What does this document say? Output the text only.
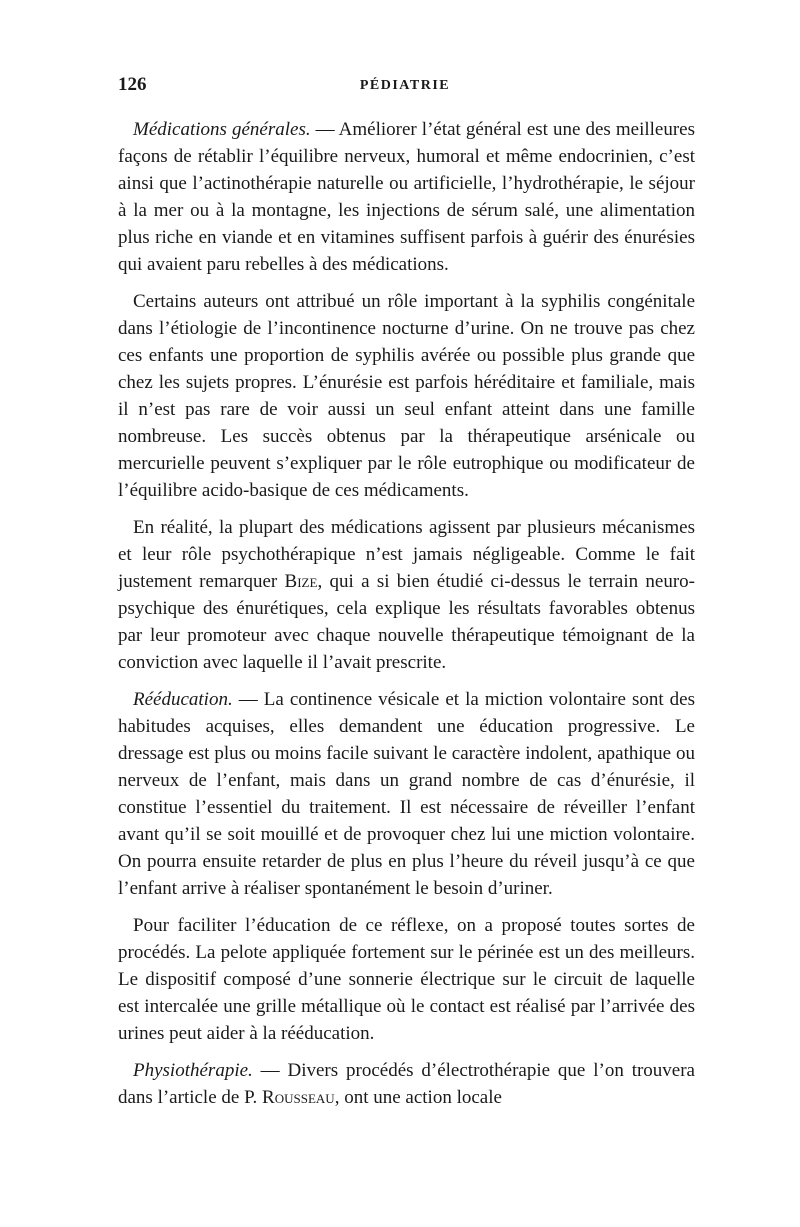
126	PÉDIATRIE

Médications générales. — Améliorer l’état général est une des meilleures façons de rétablir l’équilibre nerveux, humoral et même endocrinien, c’est ainsi que l’actinothérapie naturelle ou artificielle, l’hydrothérapie, le séjour à la mer ou à la montagne, les injections de sérum salé, une alimentation plus riche en viande et en vitamines suffisent parfois à guérir des énurésies qui avaient paru rebelles à des médications.

Certains auteurs ont attribué un rôle important à la syphilis congénitale dans l’étiologie de l’incontinence nocturne d’urine. On ne trouve pas chez ces enfants une proportion de syphilis avérée ou possible plus grande que chez les sujets propres. L’énurésie est parfois héréditaire et familiale, mais il n’est pas rare de voir aussi un seul enfant atteint dans une famille nombreuse. Les succès obtenus par la thérapeutique arsénicale ou mercurielle peuvent s’expliquer par le rôle eutrophique ou modificateur de l’équilibre acido-basique de ces médicaments.

En réalité, la plupart des médications agissent par plusieurs mécanismes et leur rôle psychothérapique n’est jamais négligeable. Comme le fait justement remarquer Bize, qui a si bien étudié ci-dessus le terrain neuro-psychique des énurétiques, cela explique les résultats favorables obtenus par leur promoteur avec chaque nouvelle thérapeutique témoignant de la conviction avec laquelle il l’avait prescrite.

Rééducation. — La continence vésicale et la miction volontaire sont des habitudes acquises, elles demandent une éducation progressive. Le dressage est plus ou moins facile suivant le caractère indolent, apathique ou nerveux de l’enfant, mais dans un grand nombre de cas d’énurésie, il constitue l’essentiel du traitement. Il est nécessaire de réveiller l’enfant avant qu’il se soit mouillé et de provoquer chez lui une miction volontaire. On pourra ensuite retarder de plus en plus l’heure du réveil jusqu’à ce que l’enfant arrive à réaliser spontanément le besoin d’uriner.

Pour faciliter l’éducation de ce réflexe, on a proposé toutes sortes de procédés. La pelote appliquée fortement sur le périnée est un des meilleurs. Le dispositif composé d’une sonnerie électrique sur le circuit de laquelle est intercalée une grille métallique où le contact est réalisé par l’arrivée des urines peut aider à la rééducation.

Physiothérapie. — Divers procédés d’électrothérapie que l’on trouvera dans l’article de P. Rousseau, ont une action locale
